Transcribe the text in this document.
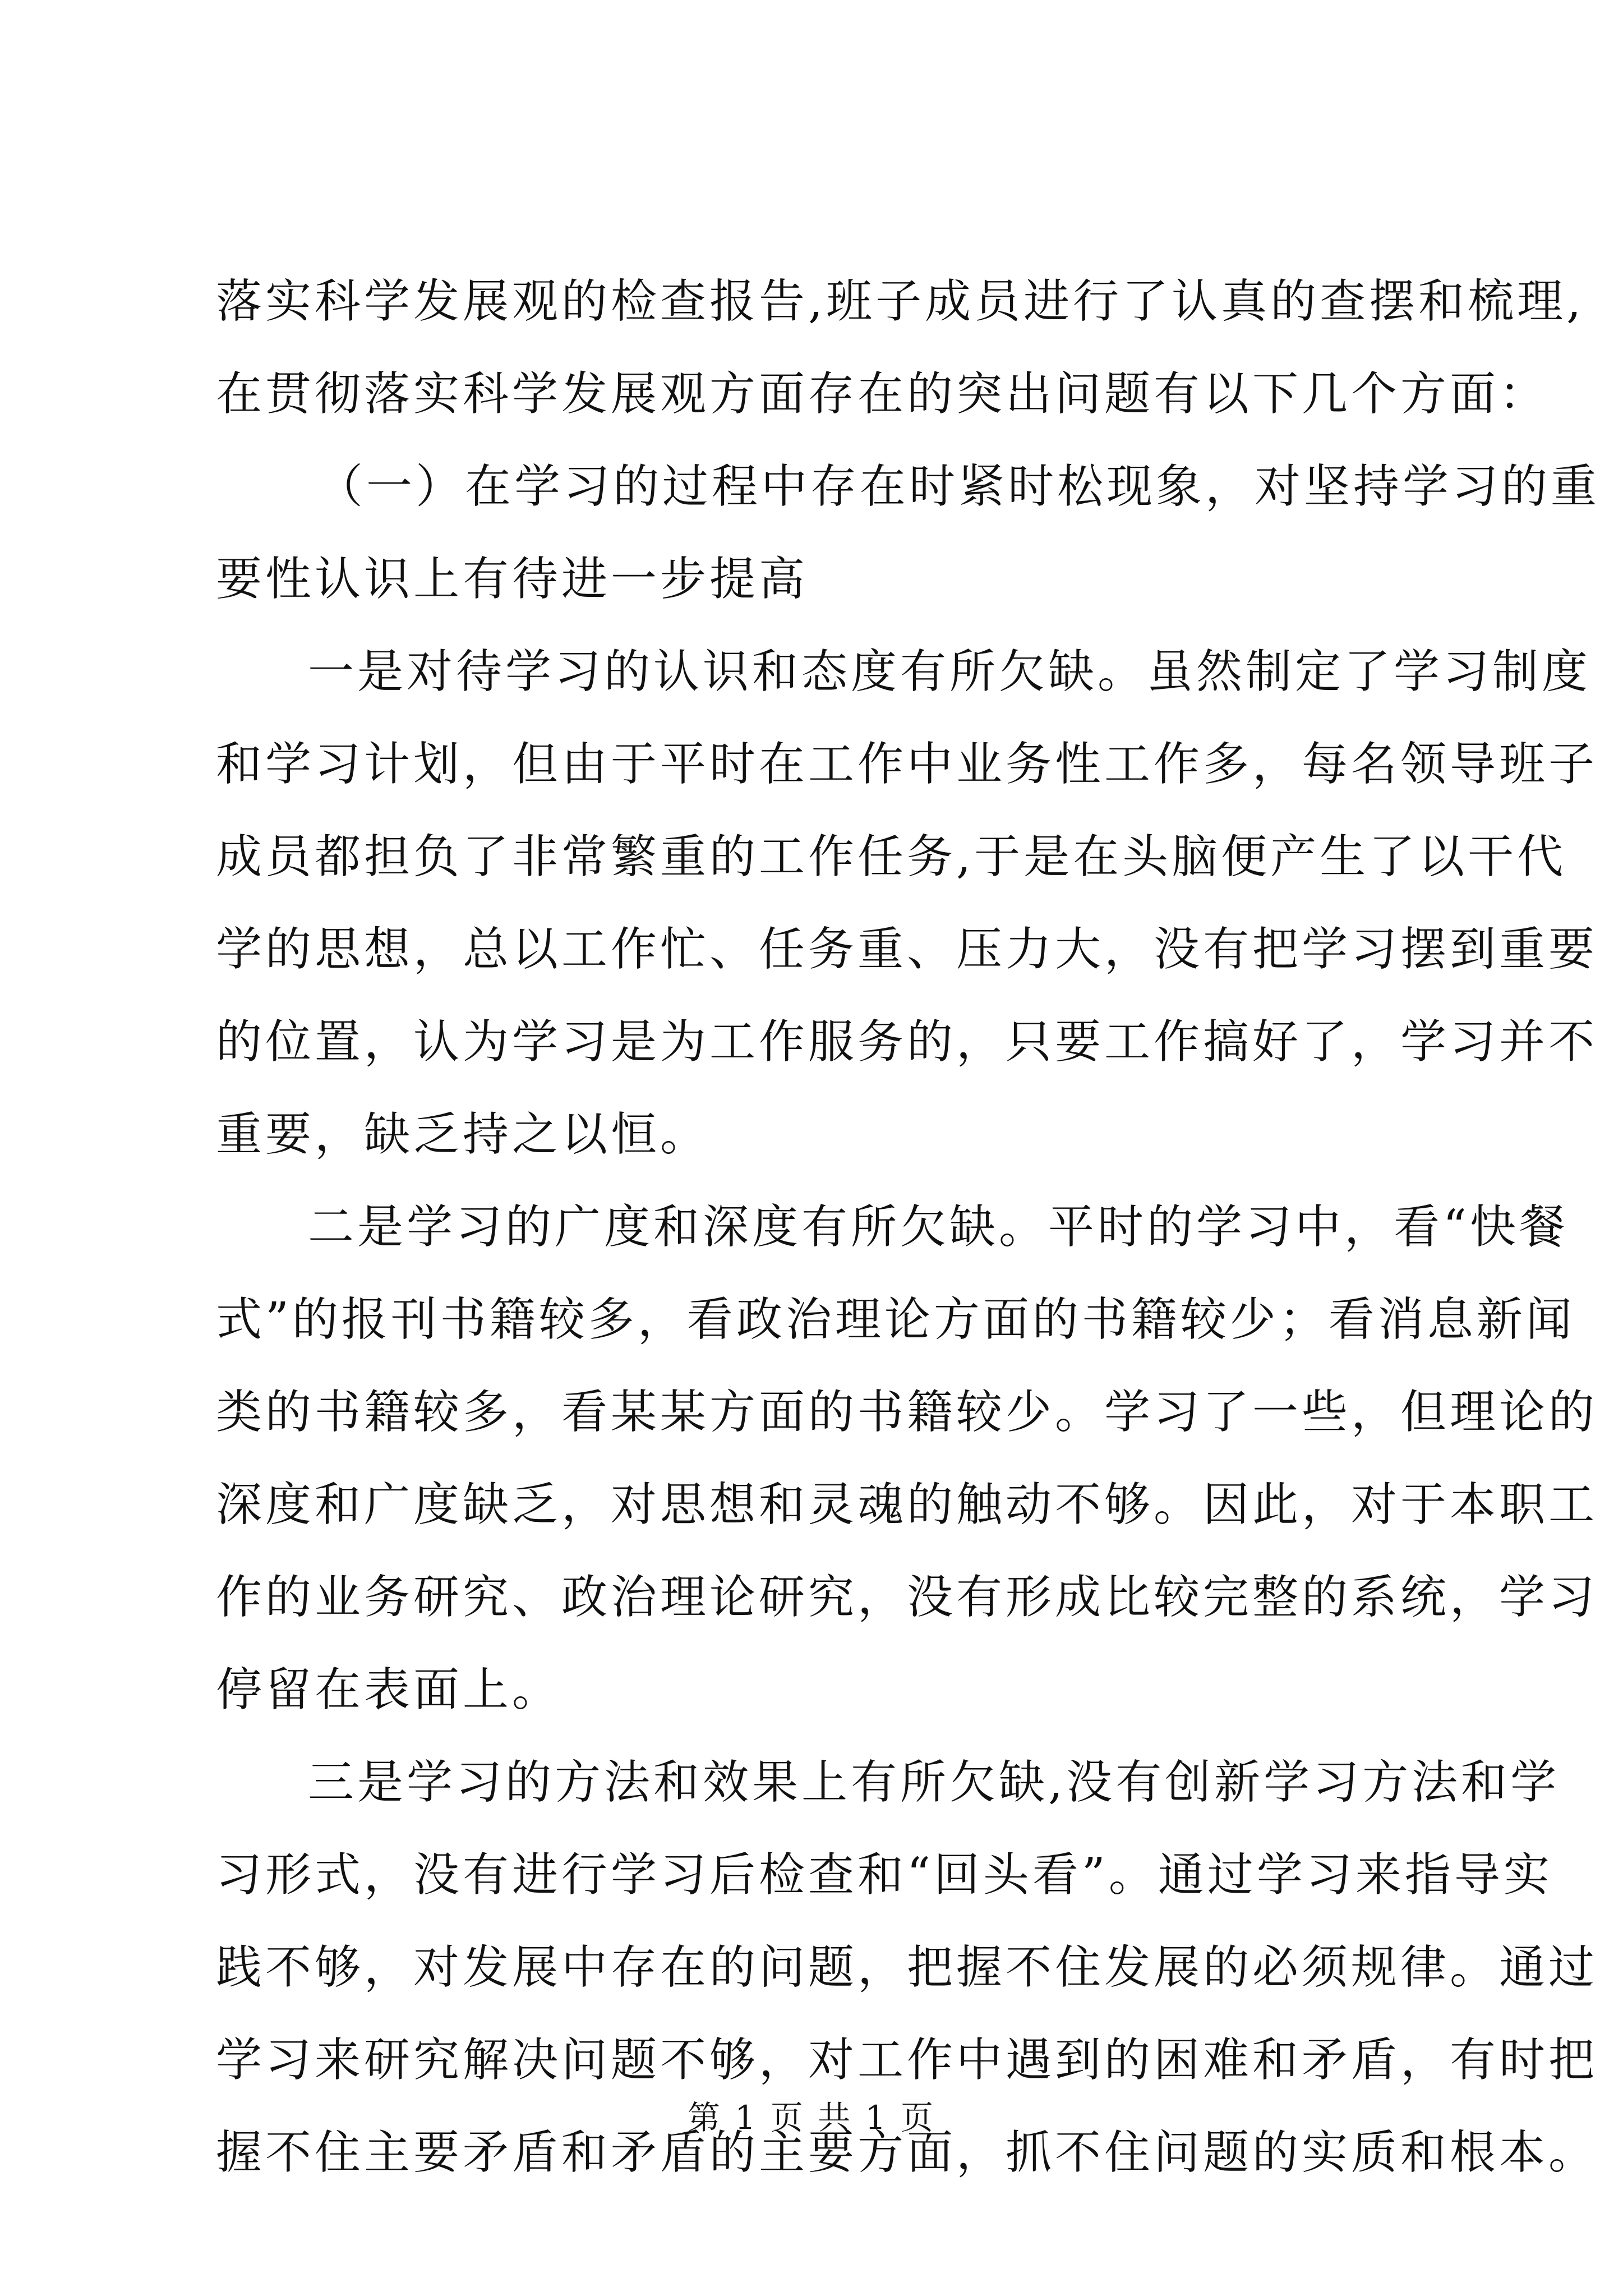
落实科学发展观的检查报告,班子成员进行了认真的查摆和梳理,
在贯彻落实科学发展观方面存在的突出问题有以下几个方面：
（一）在学习的过程中存在时紧时松现象，对坚持学习的重
要性认识上有待进一步提高
一是对待学习的认识和态度有所欠缺。虽然制定了学习制度
和学习计划，但由于平时在工作中业务性工作多，每名领导班子
成员都担负了非常繁重的工作任务,于是在头脑便产生了以干代
学的思想，总以工作忙、任务重、压力大，没有把学习摆到重要
的位置，认为学习是为工作服务的，只要工作搞好了，学习并不
重要，缺乏持之以恒。
二是学习的广度和深度有所欠缺。平时的学习中，看“快餐
式”的报刊书籍较多，看政治理论方面的书籍较少；看消息新闻
类的书籍较多，看某某方面的书籍较少。学习了一些，但理论的
深度和广度缺乏，对思想和灵魂的触动不够。因此，对于本职工
作的业务研究、政治理论研究，没有形成比较完整的系统，学习
停留在表面上。
三是学习的方法和效果上有所欠缺,没有创新学习方法和学
习形式，没有进行学习后检查和“回头看”。通过学习来指导实
践不够，对发展中存在的问题，把握不住发展的必须规律。通过
学习来研究解决问题不够，对工作中遇到的困难和矛盾，有时把
握不住主要矛盾和矛盾的主要方面，抓不住问题的实质和根本。
第 1 页 共 1 页
